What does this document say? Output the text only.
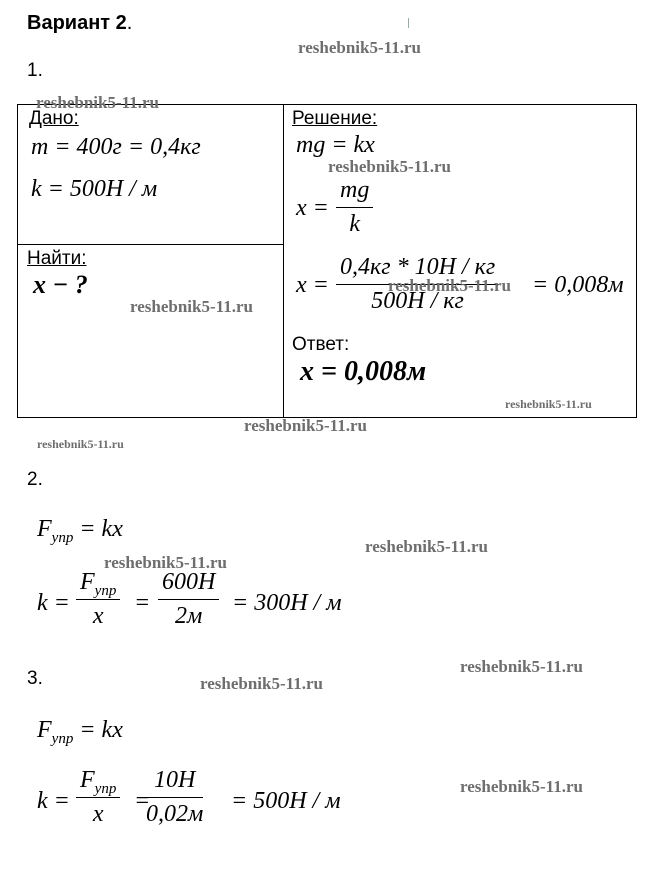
Вариант 2.
reshebnik5-11.ru
1.
reshebnik5-11.ru
Дано:
m = 400г = 0,4кг
k = 500Н / м
Найти:
x − ?
reshebnik5-11.ru
Решение:
mg = kx
reshebnik5-11.ru
$x = \frac{mg}{k}$
x =
0,4кг * 10Н / кг
500Н / кг
= 0,008м
reshebnik5-11.ru
Ответ:
x = 0,008м
reshebnik5-11.ru
reshebnik5-11.ru
reshebnik5-11.ru
2.
$F_{упр}$ = kx
reshebnik5-11.ru
reshebnik5-11.ru
k =
$F_{упр}$
x	=
600Н
2м	= 300Н / м
3.	reshebnik5-11.ru
reshebnik5-11.ru
$F_{упр}$ = kx
k =
$F_{упр}$
x	=
10Н
0,02м = 500Н / м
reshebnik5-11.ru
